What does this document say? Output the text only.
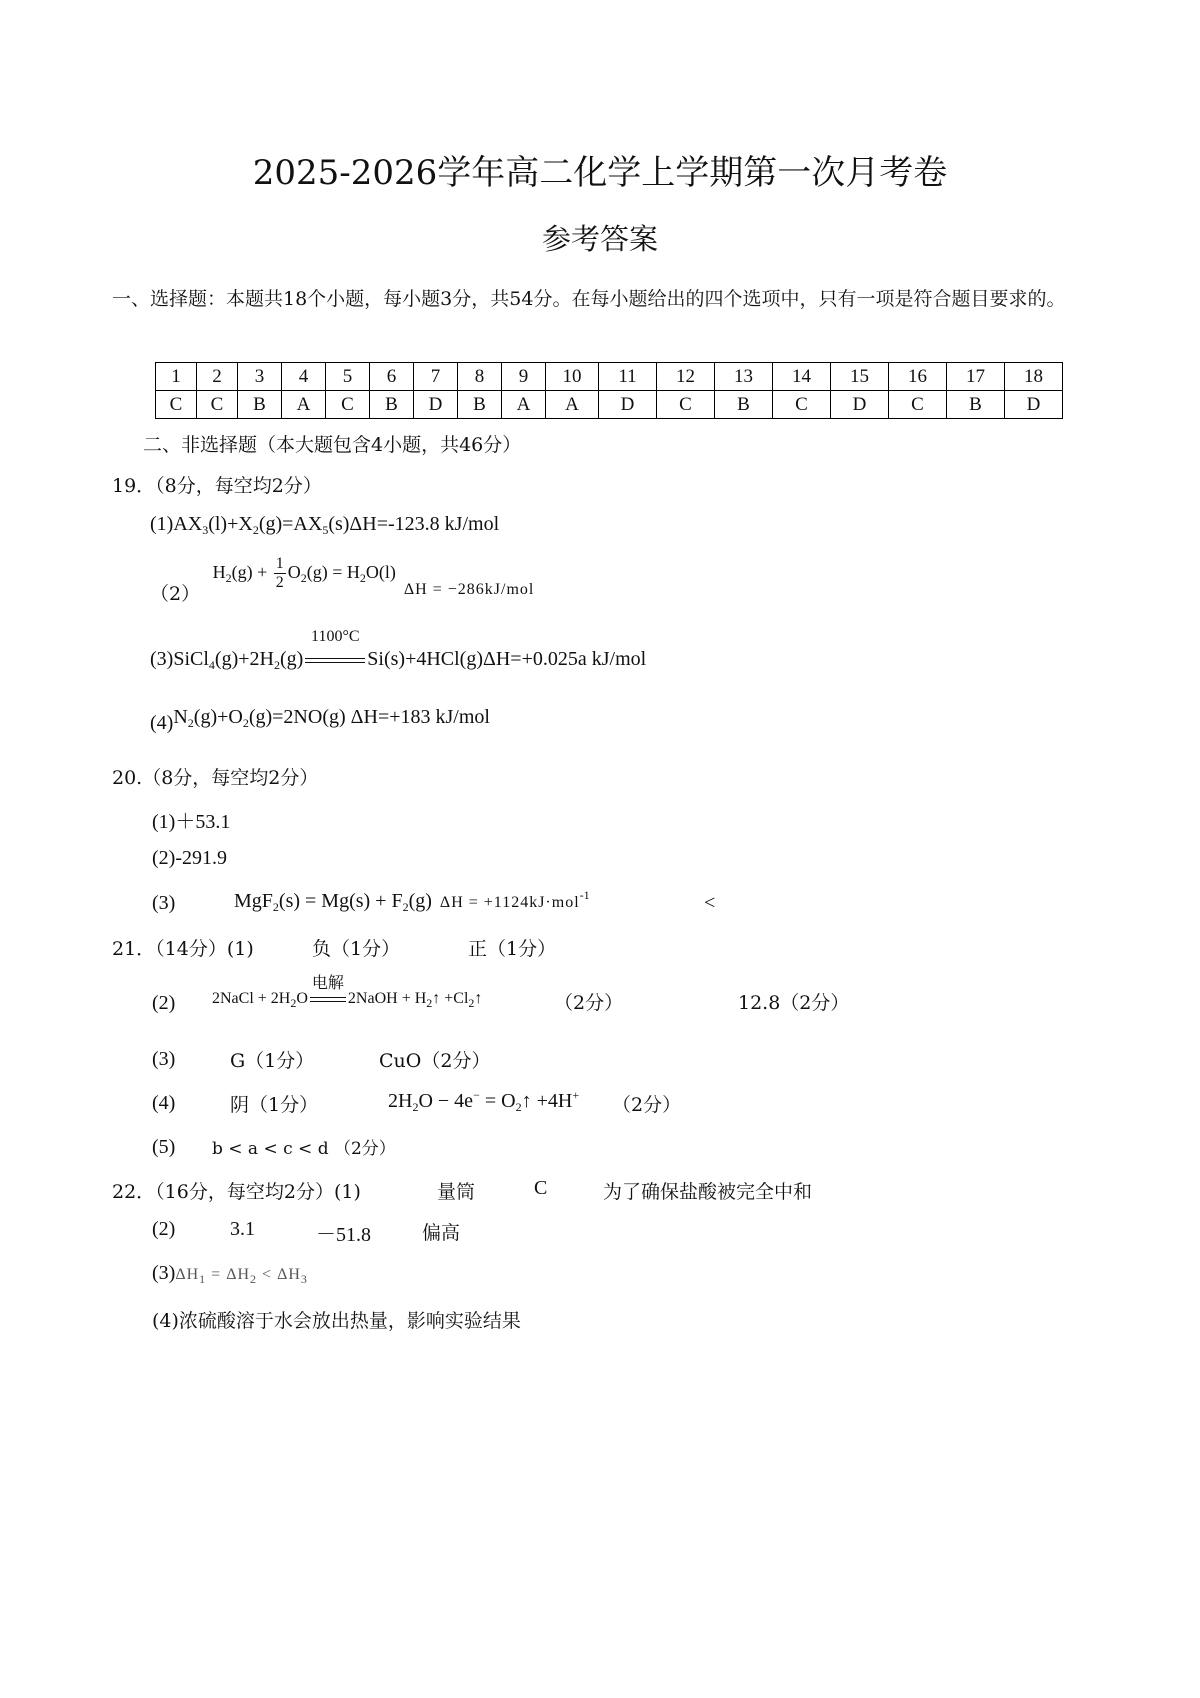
2025-2026学年高二化学上学期第一次月考卷
参考答案
一、选择题：本题共18个小题，每小题3分，共54分。在每小题给出的四个选项中，只有一项是符合题目要求的。
1	2	3	4	5	6	7	8	9	10	11	12	13	14	15	16	17	18
C	C	B	A	C	B	D	B	A	A	D	C	B	C	D	C	B	D
二、非选择题（本大题包含4小题，共46分）
19．（8分，每空均2分）
$(1)AX_3(l)+X_2(g)=AX_5(s)\Delta H=-123.8$ kJ/mol
（2） $H_2(g) + \frac{1}{2} O_2(g) = H_2O(l)\Delta H = -286kJ/mol$
$(3)SiCl_4(g)+2H_2(g)$
1100°C
Si(s)+4HCl(g)ΔH=+0.025a kJ/mol
$(4)N_2(g)+O_2(g)=2NO(g)$ ΔH=+183 kJ/mol
20.（8分，每空均2分）
(1)＋53.1
(2)-291.9
(3)	$MgF_2(s) = Mg(s) + F_2(g) \Delta H = +1124kJ\cdot mol^{-1}$	<
21．（14分）(1)	负（1分）	正（1分）
(2) 2NaCl + $2H_2O$
电解
2NaOH + $H_2↑$ $+Cl_2↑$	（2分）	12.8（2分）
(3)	G（1分）	CuO（2分）
(4)	阴（1分）	$2H_2O - 4e^-$ = $O_2↑ +4H^+$ （2分）
(5) b < a < c < d （2分）
22．（16分，每空均2分）(1)	量筒	C	为了确保盐酸被完全中和
(2)	3.1	－51.8	偏高
$(3)\Delta H_1 = \Delta H_2 < \Delta H_3$
(4)浓硫酸溶于水会放出热量，影响实验结果
